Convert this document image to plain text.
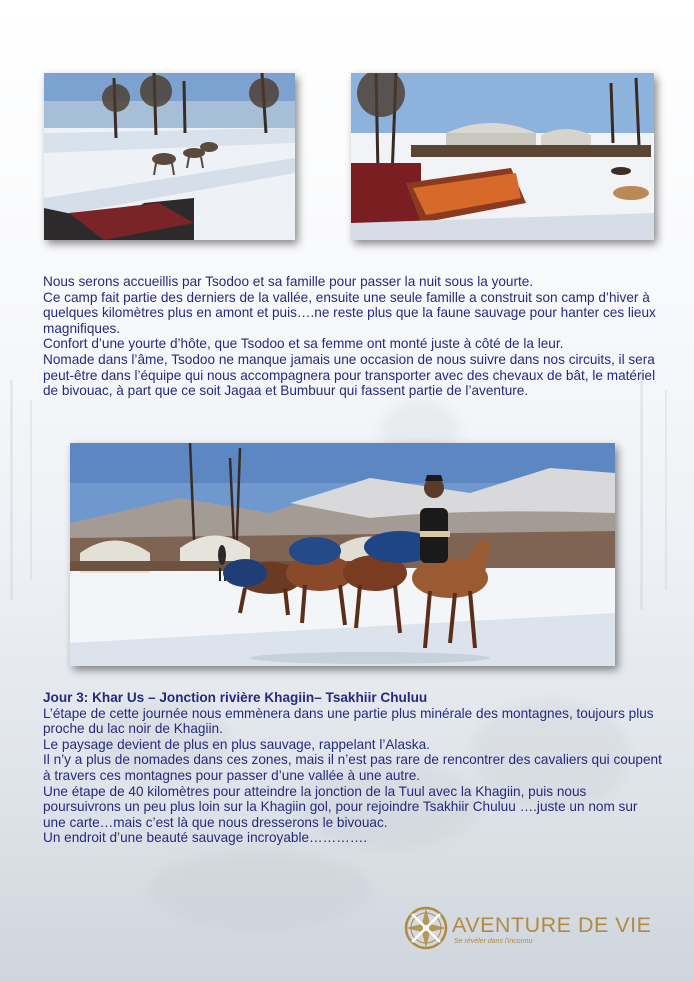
Nous serons accueillis par Tsodoo et sa famille pour passer la nuit sous la yourte.

Ce camp fait partie des derniers de la vallée, ensuite une seule famille a construit son camp d’hiver à quelques kilomètres plus en amont et puis….ne reste plus que la faune sauvage pour hanter ces lieux magnifiques.

Confort d’une yourte d’hôte, que Tsodoo et sa femme ont monté juste à côté de la leur.

Nomade dans l’âme, Tsodoo ne manque jamais une occasion de nous suivre dans nos circuits, il sera peut-être dans l’équipe qui nous accompagnera pour transporter avec des chevaux de bât, le matériel de bivouac, à part que ce soit Jagaa et Bumbuur qui fassent partie de l’aventure.

Jour 3: Khar Us – Jonction rivière Khagiin– Tsakhiir Chuluu

L’étape de cette journée nous emmènera dans une partie plus minérale des montagnes, toujours plus proche du lac noir de Khagiin.

Le paysage devient de plus en plus sauvage, rappelant l’Alaska.

Il n’y a plus de nomades dans ces zones, mais il n’est pas rare de rencontrer des cavaliers qui coupent à travers ces montagnes pour passer d’une vallée à une autre.

Une étape de 40 kilomètres pour atteindre la jonction de la Tuul avec la Khagiin, puis nous poursuivrons un peu plus loin sur la Khagiin gol, pour rejoindre Tsakhiir Chuluu ….juste un nom sur une carte…mais c’est là que nous dresserons le bivouac.

Un endroit d’une beauté sauvage incroyable………….

AVENTURE DE VIE
Se révéler dans l'inconnu
